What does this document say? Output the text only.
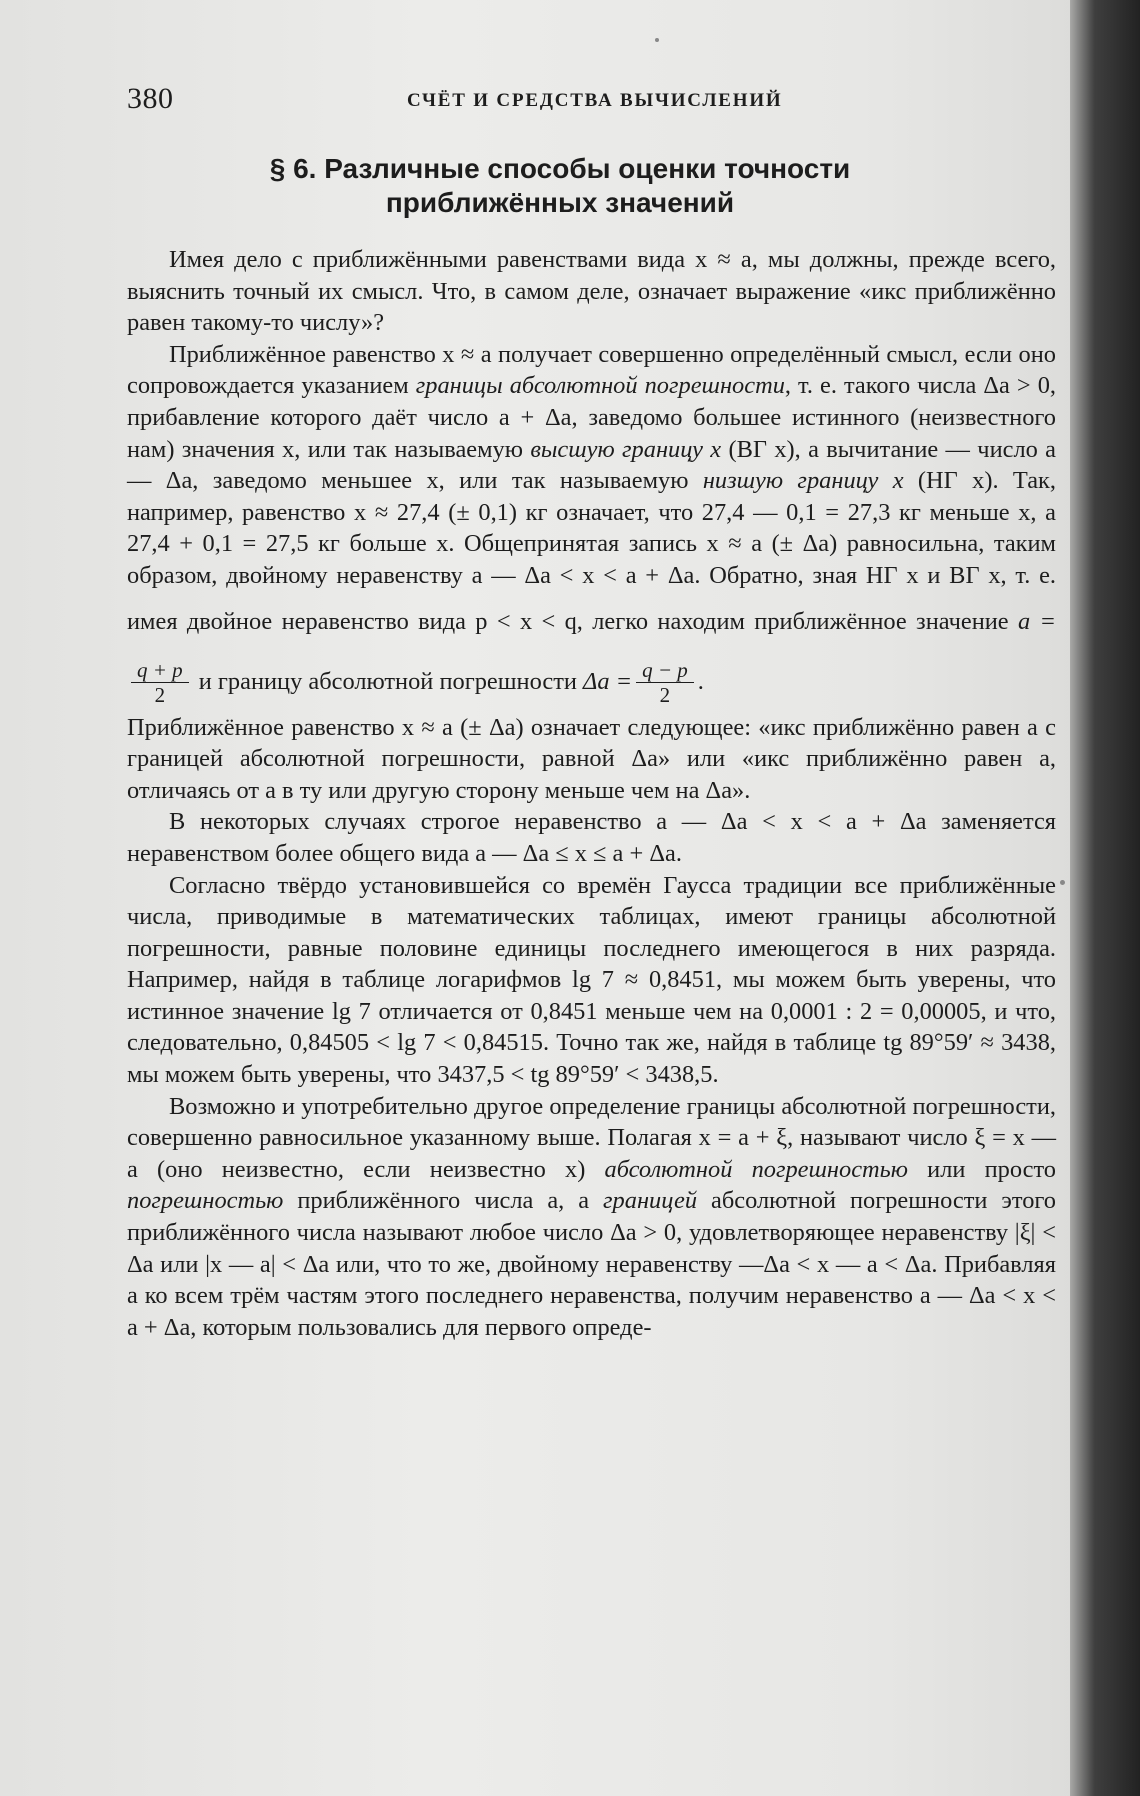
380	СЧЁТ И СРЕДСТВА ВЫЧИСЛЕНИЙ
§ 6. Различные способы оценки точности
приближённых значений

Имея дело с приближёнными равенствами вида x ≈ a, мы должны, прежде всего, выяснить точный их смысл. Что, в самом деле, означает выражение «икс приближённо равен такому-то числу»?

Приближённое равенство x ≈ a получает совершенно определённый смысл, если оно сопровождается указанием границы абсолютной погрешности, т. е. такого числа Δa > 0, прибавление которого даёт число a + Δa, заведомо большее истинного (неизвестного нам) значения x, или так называемую высшую границу x (ВГ x), а вычитание — число a — Δa, заведомо меньшее x, или так называемую низшую границу x (НГ x). Так, например, равенство x ≈ 27,4 (± 0,1) кг означает, что 27,4 — 0,1 = 27,3 кг меньше x, а 27,4 + 0,1 = 27,5 кг больше x. Общепринятая запись x ≈ a (± Δa) равносильна, таким образом, двойному неравенству a — Δa < x < a + Δa. Обратно, зная НГ x и ВГ x, т. е. имея двойное неравенство вида p < x < q, легко находим приближённое значение a =
$\frac{q + p}{2}$ и границу абсолютной погрешности $\Delta a = \frac{q - p}{2}$ .

Приближённое равенство x ≈ a (± Δa) означает следующее: «икс приближённо равен a с границей абсолютной погрешности, равной Δa» или «икс приближённо равен a, отличаясь от a в ту или другую сторону меньше чем на Δa».

В некоторых случаях строгое неравенство a — Δa < x < a + Δa заменяется неравенством более общего вида a — Δa ≤ x ≤ a + Δa.

Согласно твёрдо установившейся со времён Гаусса традиции все приближённые числа, приводимые в математических таблицах, имеют границы абсолютной погрешности, равные половине единицы последнего имеющегося в них разряда. Например, найдя в таблице логарифмов lg 7 ≈ 0,8451, мы можем быть уверены, что истинное значение lg 7 отличается от 0,8451 меньше чем на 0,0001 : 2 = 0,00005, и что, следовательно, 0,84505 < lg 7 < 0,84515. Точно так же, найдя в таблице tg 89°59′ ≈ 3438, мы можем быть уверены, что 3437,5 < tg 89°59′ < 3438,5.

Возможно и употребительно другое определение границы абсолютной погрешности, совершенно равносильное указанному выше. Полагая x = a + ξ, называют число ξ = x — a (оно неизвестно, если неизвестно x) абсолютной погрешностью или просто погрешностью приближённого числа a, а границей абсолютной погрешности этого приближённого числа называют любое число Δa > 0, удовлетворяющее неравенству |ξ| < Δa или |x — a| < Δa или, что то же, двойному неравенству —Δa < x — a < Δa. Прибавляя a ко всем трём частям этого последнего неравенства, получим неравенство a — Δa < x < a + Δa, которым пользовались для первого опреде-
